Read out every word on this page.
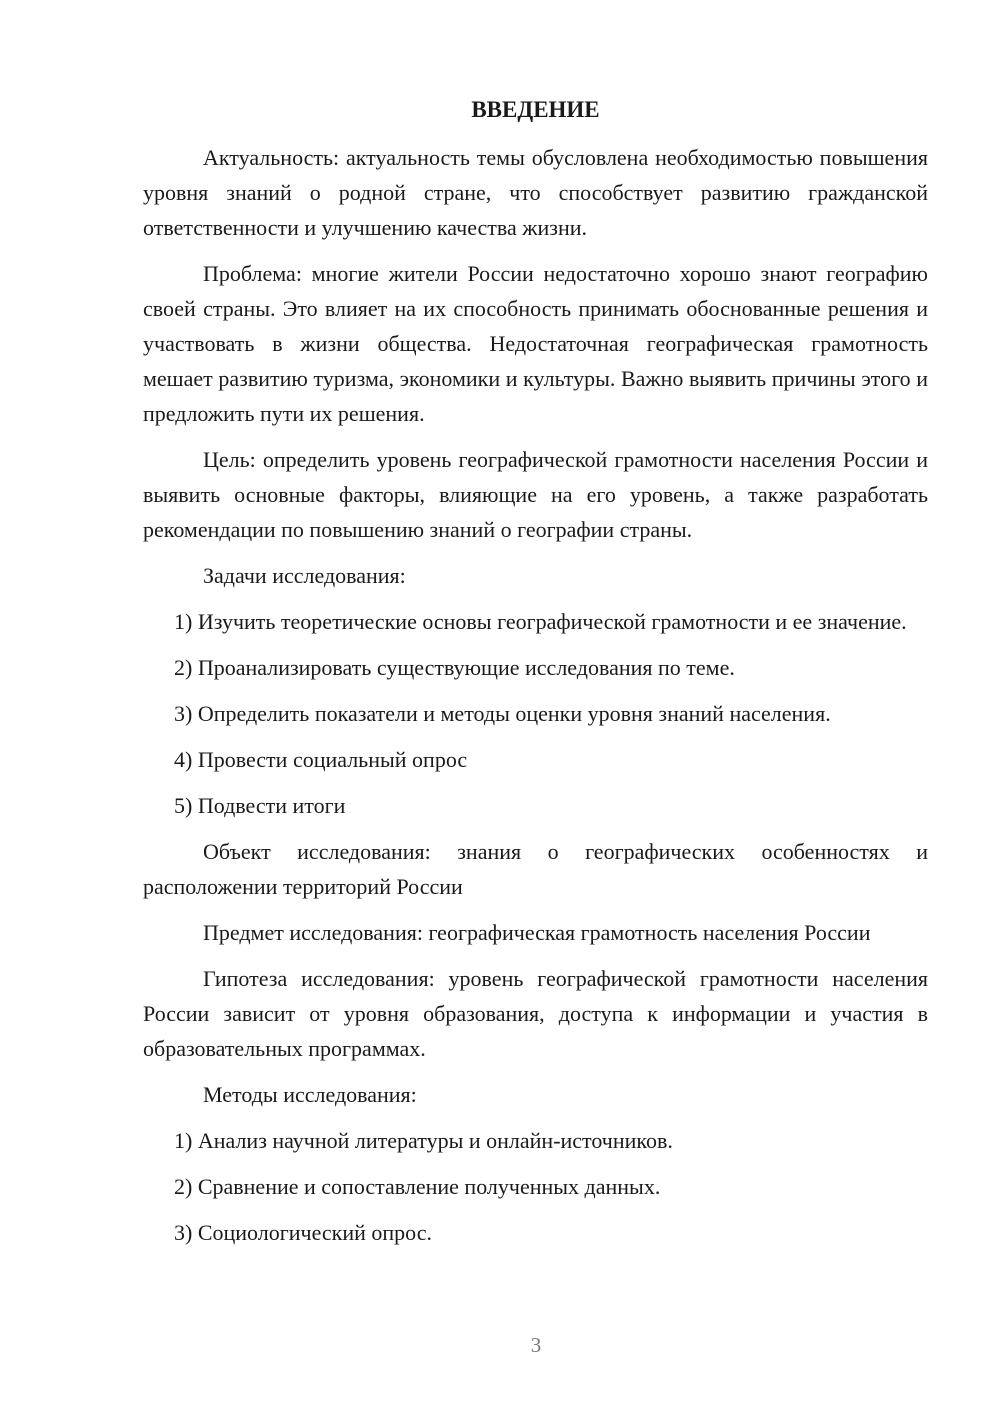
ВВЕДЕНИЕ

Актуальность: актуальность темы обусловлена необходимостью повышения уровня знаний о родной стране, что способствует развитию гражданской ответственности и улучшению качества жизни.

Проблема: многие жители России недостаточно хорошо знают географию своей страны. Это влияет на их способность принимать обоснованные решения и участвовать в жизни общества. Недостаточная географическая грамотность мешает развитию туризма, экономики и культуры. Важно выявить причины этого и предложить пути их решения.

Цель: определить уровень географической грамотности населения России и выявить основные факторы, влияющие на его уровень, а также разработать рекомендации по повышению знаний о географии страны.

Задачи исследования:

1) Изучить теоретические основы географической грамотности и ее значение.

2) Проанализировать существующие исследования по теме.

3) Определить показатели и методы оценки уровня знаний населения.

4) Провести социальный опрос

5) Подвести итоги

Объект исследования: знания о географических особенностях и расположении территорий России

Предмет исследования: географическая грамотность населения России

Гипотеза исследования: уровень географической грамотности населения России зависит от уровня образования, доступа к информации и участия в образовательных программах.

Методы исследования:

1) Анализ научной литературы и онлайн-источников.

2) Сравнение и сопоставление полученных данных.

3) Социологический опрос.

3
